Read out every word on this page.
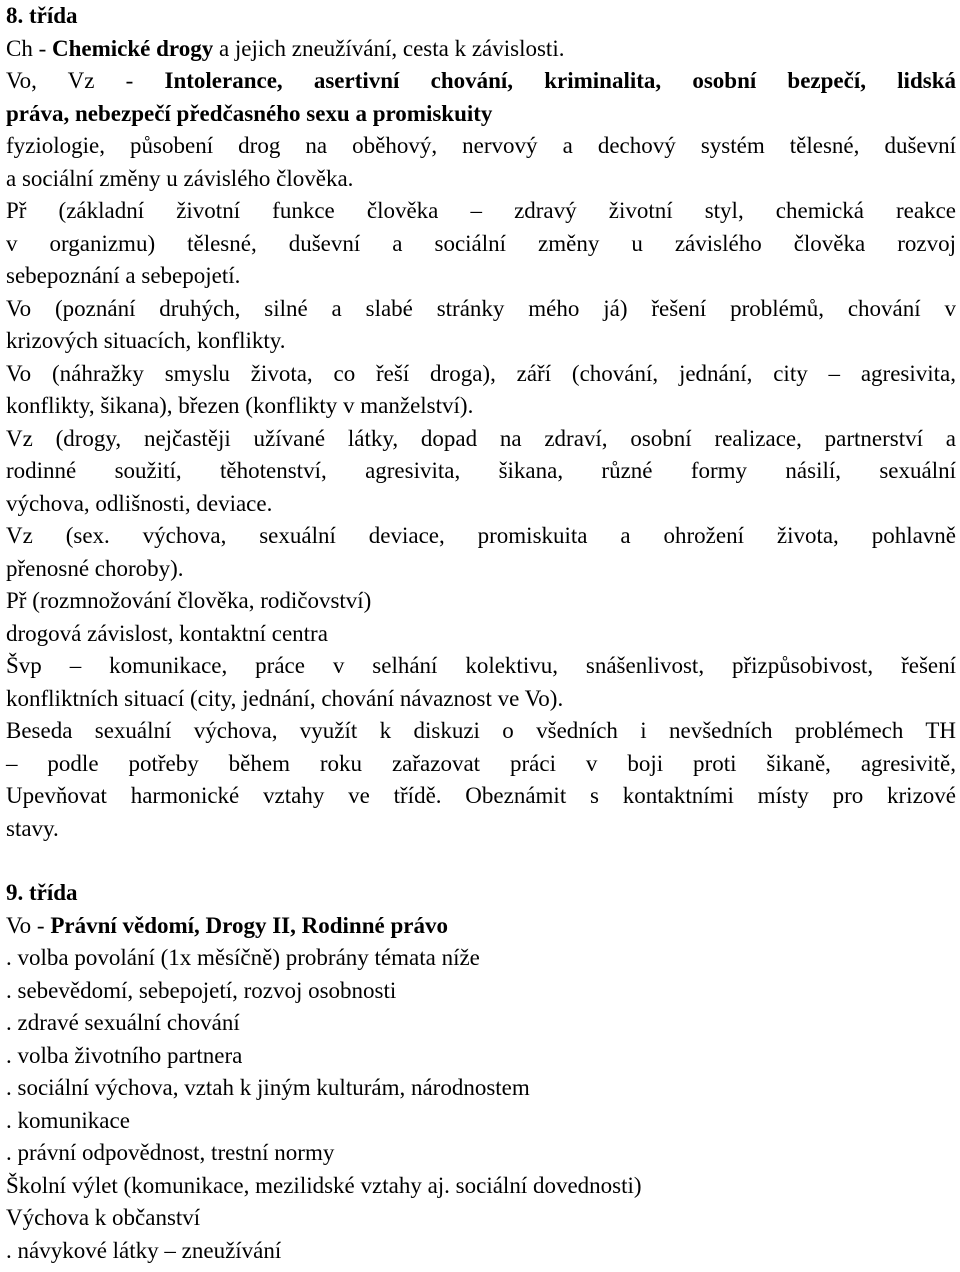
8. třída
Ch - Chemické drogy a jejich zneužívání, cesta k závislosti.
Vo, Vz - Intolerance, asertivní chování, kriminalita, osobní bezpečí, lidská
práva, nebezpečí předčasného sexu a promiskuity
fyziologie, působení drog na oběhový, nervový a dechový systém tělesné, duševní
a sociální změny u závislého člověka.
Př (základní životní funkce člověka – zdravý životní styl, chemická reakce
v organizmu) tělesné, duševní a sociální změny u závislého člověka rozvoj
sebepoznání a sebepojetí.
Vo (poznání druhých, silné a slabé stránky mého já) řešení problémů, chování v
krizových situacích, konflikty.
Vo (náhražky smyslu života, co řeší droga), září (chování, jednání, city – agresivita,
konflikty, šikana), březen (konflikty v manželství).
Vz (drogy, nejčastěji užívané látky, dopad na zdraví, osobní realizace, partnerství a
rodinné soužití, těhotenství, agresivita, šikana, různé formy násilí, sexuální
výchova, odlišnosti, deviace.
Vz (sex. výchova, sexuální deviace, promiskuita a ohrožení života, pohlavně
přenosné choroby).
Př (rozmnožování člověka, rodičovství)
drogová závislost, kontaktní centra
Švp – komunikace, práce v selhání kolektivu, snášenlivost, přizpůsobivost, řešení
konfliktních situací (city, jednání, chování návaznost ve Vo).
Beseda sexuální výchova, využít k diskuzi o všedních i nevšedních problémech TH
– podle potřeby během roku zařazovat práci v boji proti šikaně, agresivitě,
Upevňovat harmonické vztahy ve třídě. Obeznámit s kontaktními místy pro krizové
stavy.
9. třída
Vo - Právní vědomí, Drogy II, Rodinné právo
. volba povolání (1x měsíčně) probrány témata níže
. sebevědomí, sebepojetí, rozvoj osobnosti
. zdravé sexuální chování
. volba životního partnera
. sociální výchova, vztah k jiným kulturám, národnostem
. komunikace
. právní odpovědnost, trestní normy
Školní výlet (komunikace, mezilidské vztahy aj. sociální dovednosti)
Výchova k občanství
. návykové látky – zneužívání
